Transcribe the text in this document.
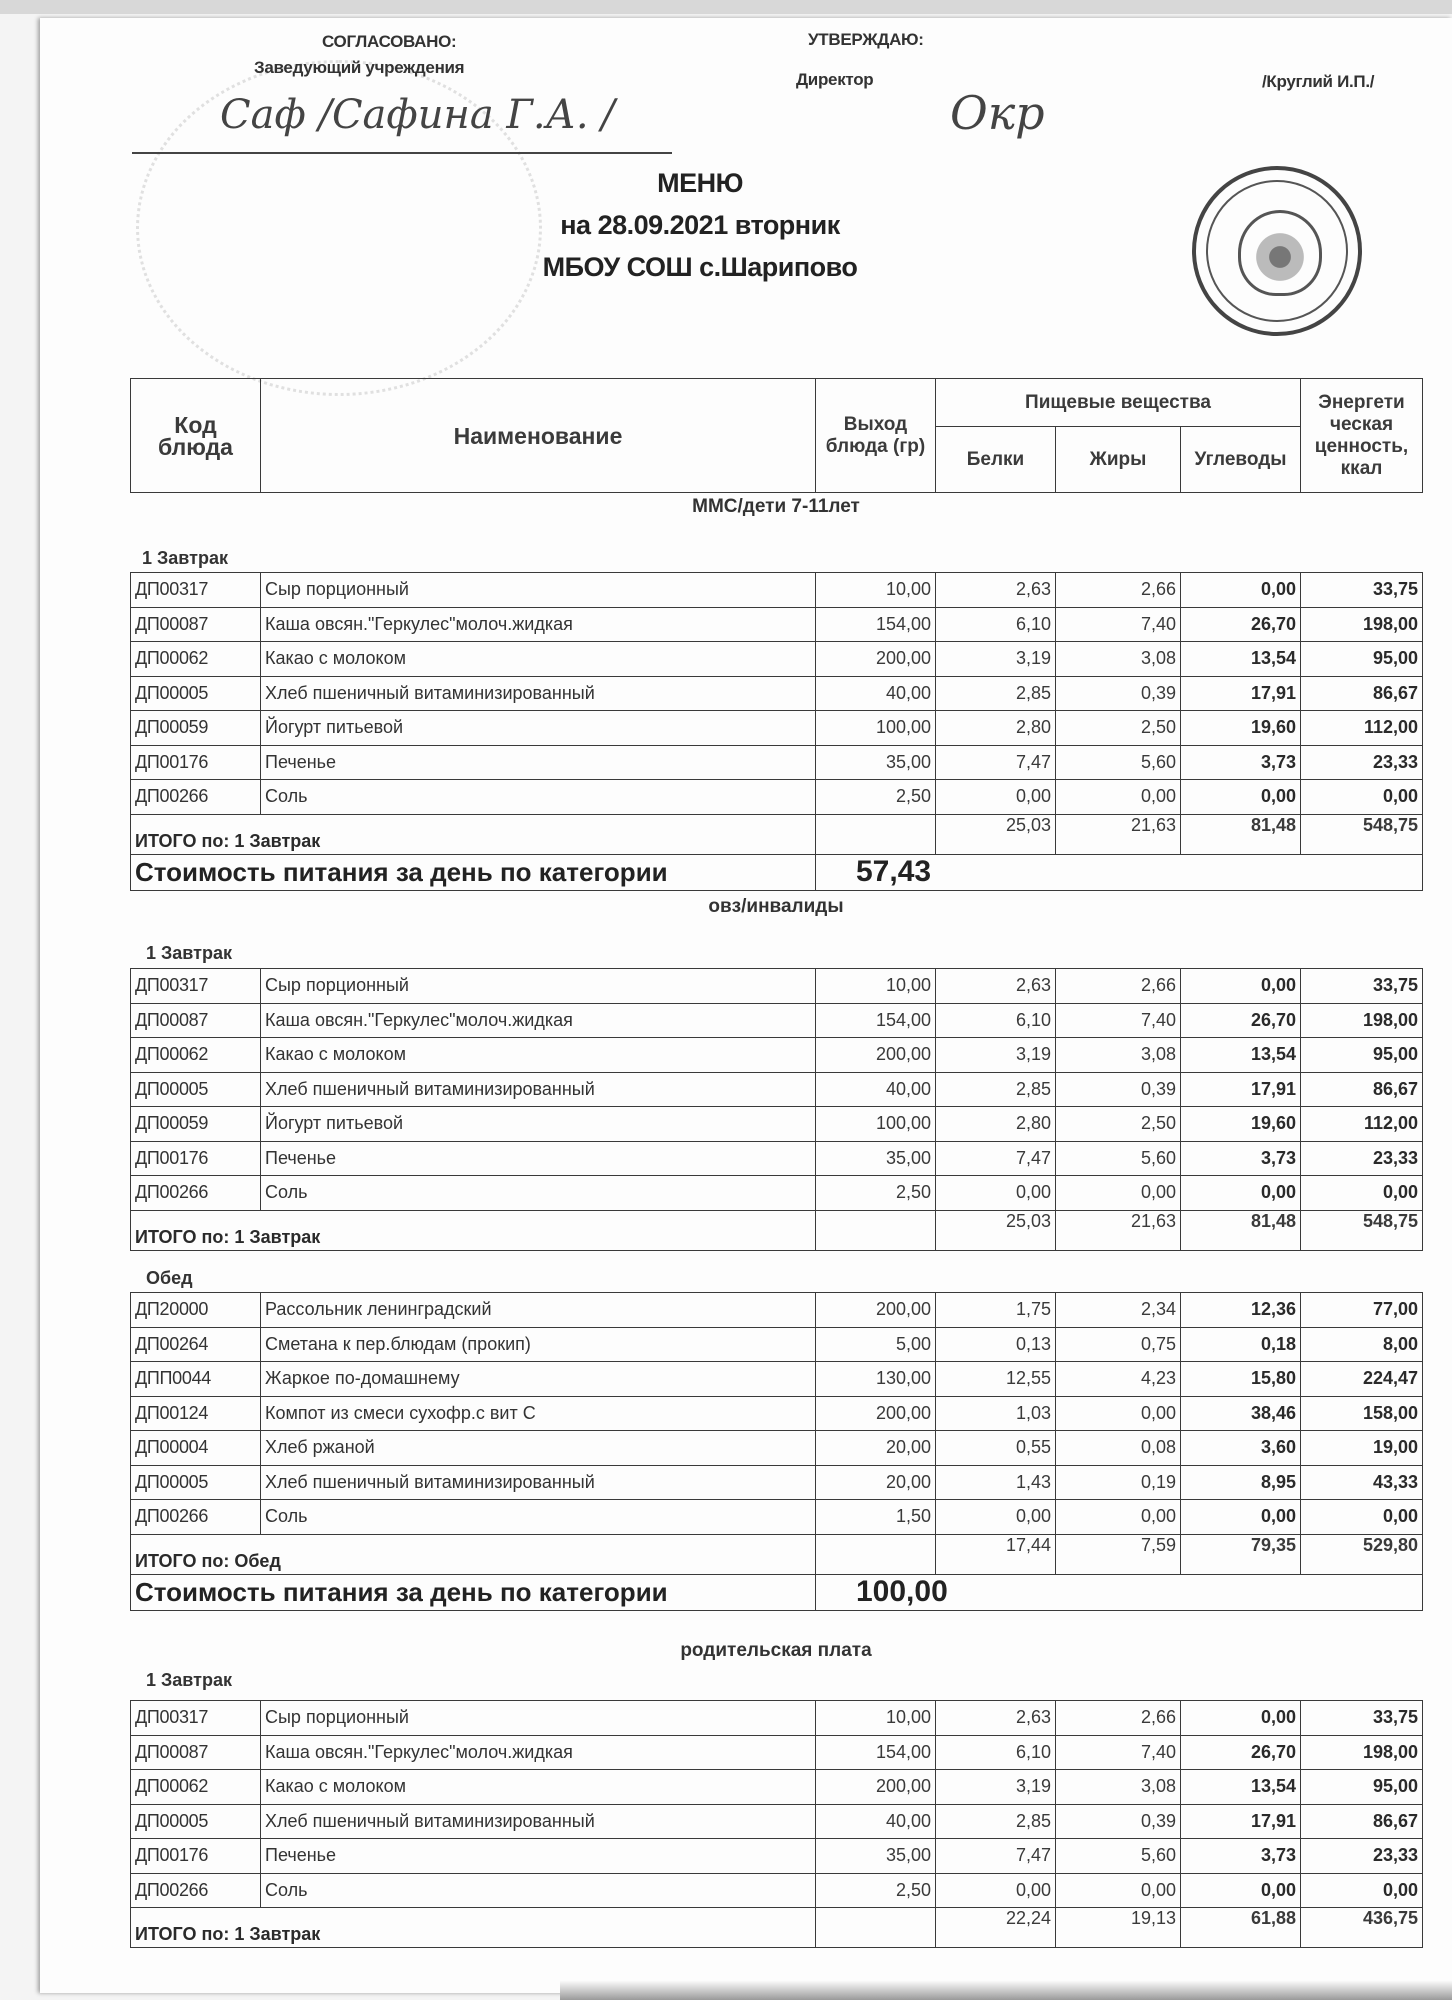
СОГЛАСОВАНО:
Заведующий учреждения
Саф /Сафина Г.А. /
УТВЕРЖДАЮ:
Директор
Окр
/Круглий И.П./
МЕНЮ
на 28.09.2021 вторник
МБОУ СОШ с.Шарипово
Код блюда	Наименование	Выход блюда (гр)	Пищевые вещества			Энергети ческая ценность, ккал
			Белки	Жиры	Углеводы	
ММС/дети 7-11лет
1 Завтрак
ДП00317	Сыр порционный	10,00	2,63	2,66	0,00	33,75
ДП00087	Каша овсян."Геркулес"молоч.жидкая	154,00	6,10	7,40	26,70	198,00
ДП00062	Какао с молоком	200,00	3,19	3,08	13,54	95,00
ДП00005	Хлеб пшеничный витаминизированный	40,00	2,85	0,39	17,91	86,67
ДП00059	Йогурт питьевой	100,00	2,80	2,50	19,60	112,00
ДП00176	Печенье	35,00	7,47	5,60	3,73	23,33
ДП00266	Соль	2,50	0,00	0,00	0,00	0,00
ИТОГО по: 1 Завтрак			25,03	21,63	81,48	548,75
Стоимость питания за день по категории		57,43				
овз/инвалиды
1 Завтрак
ДП00317	Сыр порционный	10,00	2,63	2,66	0,00	33,75
ДП00087	Каша овсян."Геркулес"молоч.жидкая	154,00	6,10	7,40	26,70	198,00
ДП00062	Какао с молоком	200,00	3,19	3,08	13,54	95,00
ДП00005	Хлеб пшеничный витаминизированный	40,00	2,85	0,39	17,91	86,67
ДП00059	Йогурт питьевой	100,00	2,80	2,50	19,60	112,00
ДП00176	Печенье	35,00	7,47	5,60	3,73	23,33
ДП00266	Соль	2,50	0,00	0,00	0,00	0,00
ИТОГО по: 1 Завтрак			25,03	21,63	81,48	548,75
Обед
ДП20000	Рассольник ленинградский	200,00	1,75	2,34	12,36	77,00
ДП00264	Сметана к пер.блюдам (прокип)	5,00	0,13	0,75	0,18	8,00
ДПП0044	Жаркое по-домашнему	130,00	12,55	4,23	15,80	224,47
ДП00124	Компот из смеси сухофр.с вит С	200,00	1,03	0,00	38,46	158,00
ДП00004	Хлеб ржаной	20,00	0,55	0,08	3,60	19,00
ДП00005	Хлеб пшеничный витаминизированный	20,00	1,43	0,19	8,95	43,33
ДП00266	Соль	1,50	0,00	0,00	0,00	0,00
ИТОГО по: Обед			17,44	7,59	79,35	529,80
Стоимость питания за день по категории		100,00				
родительская плата
1 Завтрак
ДП00317	Сыр порционный	10,00	2,63	2,66	0,00	33,75
ДП00087	Каша овсян."Геркулес"молоч.жидкая	154,00	6,10	7,40	26,70	198,00
ДП00062	Какао с молоком	200,00	3,19	3,08	13,54	95,00
ДП00005	Хлеб пшеничный витаминизированный	40,00	2,85	0,39	17,91	86,67
ДП00176	Печенье	35,00	7,47	5,60	3,73	23,33
ДП00266	Соль	2,50	0,00	0,00	0,00	0,00
ИТОГО по: 1 Завтрак			22,24	19,13	61,88	436,75
